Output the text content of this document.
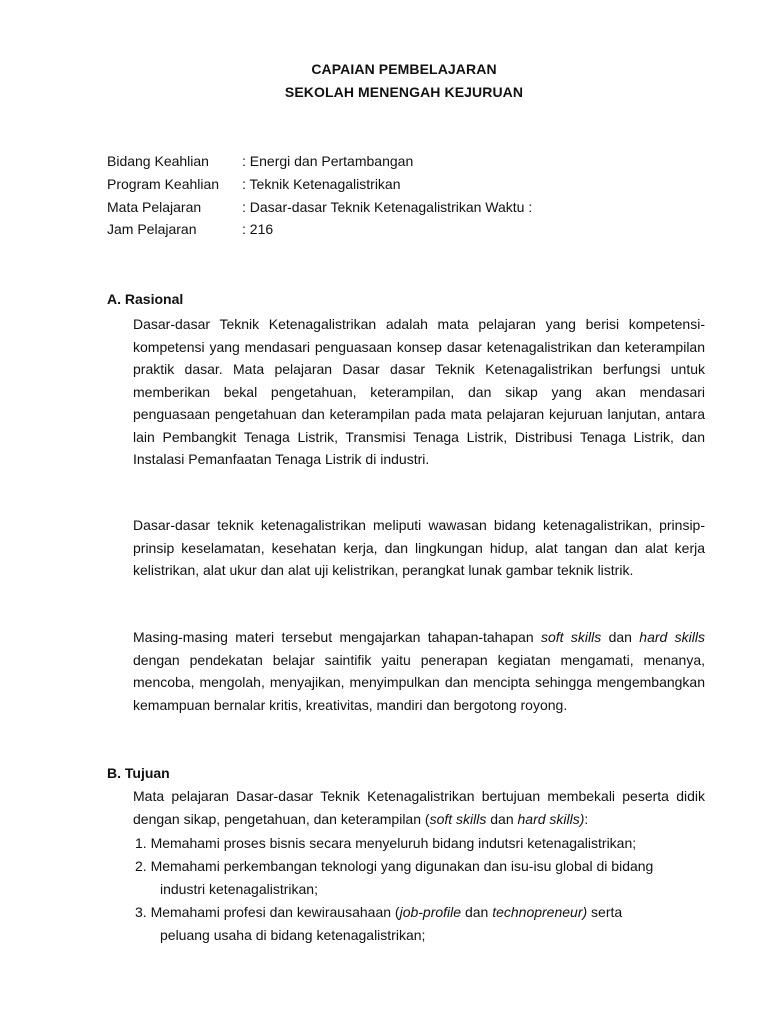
CAPAIAN PEMBELAJARAN
SEKOLAH MENENGAH KEJURUAN
Bidang Keahlian : Energi dan Pertambangan
Program Keahlian : Teknik Ketenagalistrikan
Mata Pelajaran	: Dasar-dasar Teknik Ketenagalistrikan Waktu :
Jam Pelajaran	: 216
A. Rasional
Dasar-dasar Teknik Ketenagalistrikan adalah mata pelajaran yang berisi kompetensi-kompetensi yang mendasari penguasaan konsep dasar ketenagalistrikan dan keterampilan praktik dasar. Mata pelajaran Dasar dasar Teknik Ketenagalistrikan berfungsi untuk memberikan bekal pengetahuan, keterampilan, dan sikap yang akan mendasari penguasaan pengetahuan dan keterampilan pada mata pelajaran kejuruan lanjutan, antara lain Pembangkit Tenaga Listrik, Transmisi Tenaga Listrik, Distribusi Tenaga Listrik, dan Instalasi Pemanfaatan Tenaga Listrik di industri.
Dasar-dasar teknik ketenagalistrikan meliputi wawasan bidang ketenagalistrikan, prinsip-prinsip keselamatan, kesehatan kerja, dan lingkungan hidup, alat tangan dan alat kerja kelistrikan, alat ukur dan alat uji kelistrikan, perangkat lunak gambar teknik listrik.
Masing-masing materi tersebut mengajarkan tahapan-tahapan soft skills dan hard skills dengan pendekatan belajar saintifik yaitu penerapan kegiatan mengamati, menanya, mencoba, mengolah, menyajikan, menyimpulkan dan mencipta sehingga mengembangkan kemampuan bernalar kritis, kreativitas, mandiri dan bergotong royong.
B. Tujuan
Mata pelajaran Dasar-dasar Teknik Ketenagalistrikan bertujuan membekali peserta didik dengan sikap, pengetahuan, dan keterampilan (soft skills dan hard skills):
1. Memahami proses bisnis secara menyeluruh bidang indutsri ketenagalistrikan;
2. Memahami perkembangan teknologi yang digunakan dan isu-isu global di bidang
industri ketenagalistrikan;
3. Memahami profesi dan kewirausahaan (job-profile dan technopreneur) serta
peluang usaha di bidang ketenagalistrikan;
